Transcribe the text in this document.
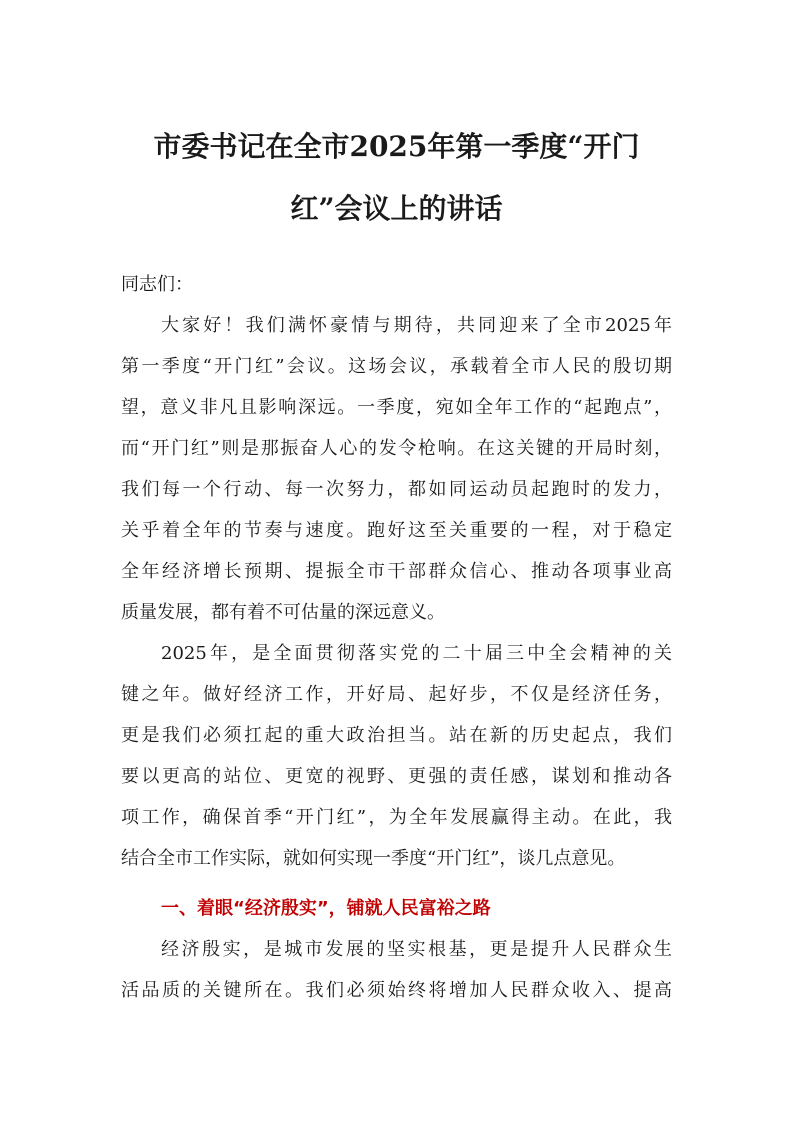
市委书记在全市2025年第一季度“开门
红”会议上的讲话
同志们：
大家好！我们满怀豪情与期待，共同迎来了全市2025年
第一季度“开门红”会议。这场会议，承载着全市人民的殷切期
望，意义非凡且影响深远。一季度，宛如全年工作的“起跑点”，
而“开门红”则是那振奋人心的发令枪响。在这关键的开局时刻，
我们每一个行动、每一次努力，都如同运动员起跑时的发力，
关乎着全年的节奏与速度。跑好这至关重要的一程，对于稳定
全年经济增长预期、提振全市干部群众信心、推动各项事业高
质量发展，都有着不可估量的深远意义。
2025年，是全面贯彻落实党的二十届三中全会精神的关
键之年。做好经济工作，开好局、起好步，不仅是经济任务，
更是我们必须扛起的重大政治担当。站在新的历史起点，我们
要以更高的站位、更宽的视野、更强的责任感，谋划和推动各
项工作，确保首季“开门红”，为全年发展赢得主动。在此，我
结合全市工作实际，就如何实现一季度“开门红”，谈几点意见。
一、着眼“经济殷实”，铺就人民富裕之路
经济殷实，是城市发展的坚实根基，更是提升人民群众生
活品质的关键所在。我们必须始终将增加人民群众收入、提高
